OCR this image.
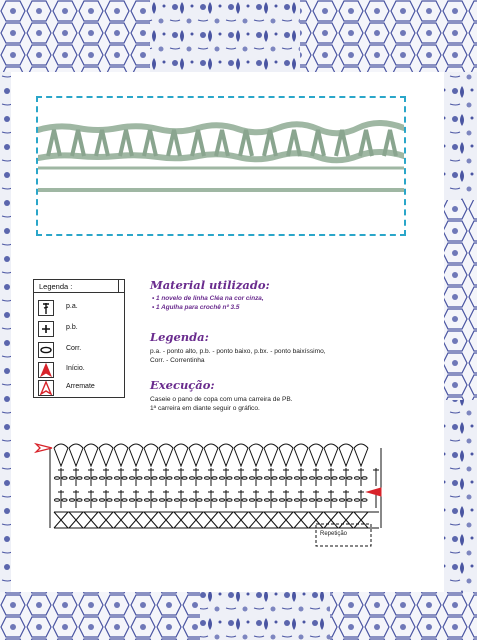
Legenda :
p.a.
p.b.
Corr.
Início.
Arremate
Material utilizado:
• 1 novelo de linha Cléa na cor cinza,
• 1 Agulha para crochê nº 3.5
Legenda:
p.a. - ponto alto, p.b. - ponto baixo, p.bx. - ponto baixíssimo,
Corr. - Correntinha
Execução:
Caseie o pano de copa com uma carreira de PB.
1ª carreira em diante seguir o gráfico.
Repetição
